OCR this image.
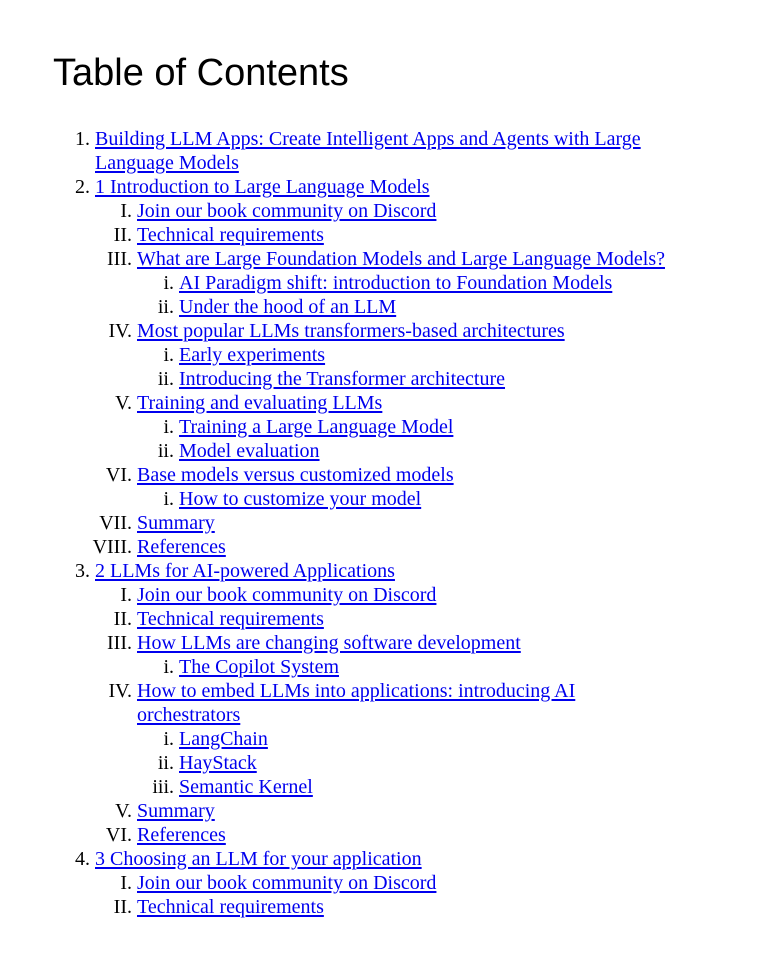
Table of Contents
1. Building LLM Apps: Create Intelligent Apps and Agents with Large Language Models
2. 1 Introduction to Large Language Models
I. Join our book community on Discord
II. Technical requirements
III. What are Large Foundation Models and Large Language Models?
i. AI Paradigm shift: introduction to Foundation Models
ii. Under the hood of an LLM
IV. Most popular LLMs transformers-based architectures
i. Early experiments
ii. Introducing the Transformer architecture
V. Training and evaluating LLMs
i. Training a Large Language Model
ii. Model evaluation
VI. Base models versus customized models
i. How to customize your model
VII. Summary
VIII. References
3. 2 LLMs for AI-powered Applications
I. Join our book community on Discord
II. Technical requirements
III. How LLMs are changing software development
i. The Copilot System
IV. How to embed LLMs into applications: introducing AI orchestrators
i. LangChain
ii. HayStack
iii. Semantic Kernel
V. Summary
VI. References
4. 3 Choosing an LLM for your application
I. Join our book community on Discord
II. Technical requirements
